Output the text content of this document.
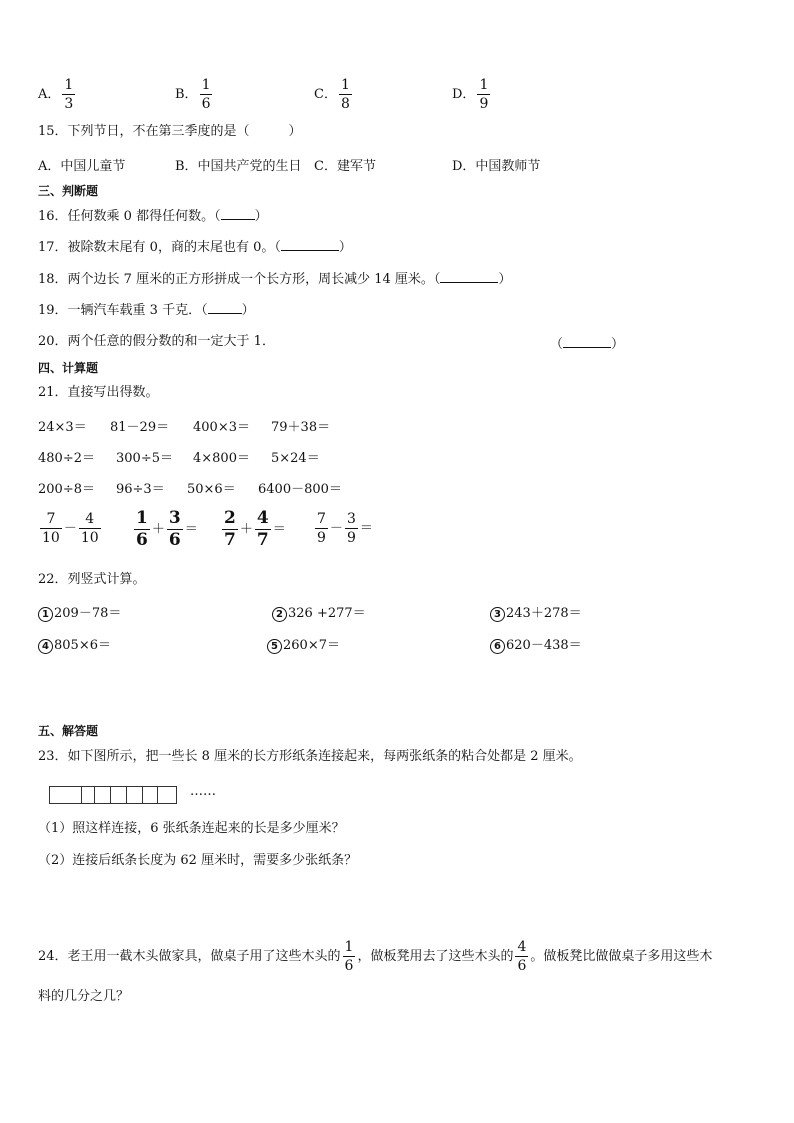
A． $\frac{1}{3}$	B． $\frac{1}{6}$	C． $\frac{1}{8}$	D． $\frac{1}{9}$
15．下列节日，不在第三季度的是（　　　）
A．中国儿童节	B．中国共产党的生日 C．建军节	D．中国教师节
三、判断题
16．任何数乘 0 都得任何数。（	）
17．被除数末尾有 0，商的末尾也有 0。（	）
18．两个边长 7 厘米的正方形拼成一个长方形，周长减少 14 厘米。（	）
19．一辆汽车载重 3 千克．（	）
20．两个任意的假分数的和一定大于 1．	（	）
四、计算题
21．直接写出得数。
24×3＝ 81－29＝ 400×3＝ 79＋38＝
480÷2＝ 300÷5＝ 4×800＝ 5×24＝
200÷8＝ 96÷3＝ 50×6＝ 6400－800＝
$\frac{7}{10} - \frac{4}{10} \frac{1}{6} + \frac{3}{6} = \frac{2}{7} + \frac{4}{7} = \frac{7}{9} - \frac{3}{9}$ ＝
22．列竖式计算。
1 209－78＝	2 326 +277＝	3 243＋278＝
4 805×6＝	5 260×7＝	6 620－438＝
五、解答题
23．如下图所示，把一些长 8 厘米的长方形纸条连接起来，每两张纸条的粘合处都是 2 厘米。
……
（1）照这样连接，6 张纸条连起来的长是多少厘米？
（2）连接后纸条长度为 62 厘米时，需要多少张纸条？
24．老王用一截木头做家具，做桌子用了这些木头的 $\frac{1}{6}$ ，做板凳用去了这些木头的 $\frac{4}{6}$ 。做板凳比做做桌子多用这些木
料的几分之几？
